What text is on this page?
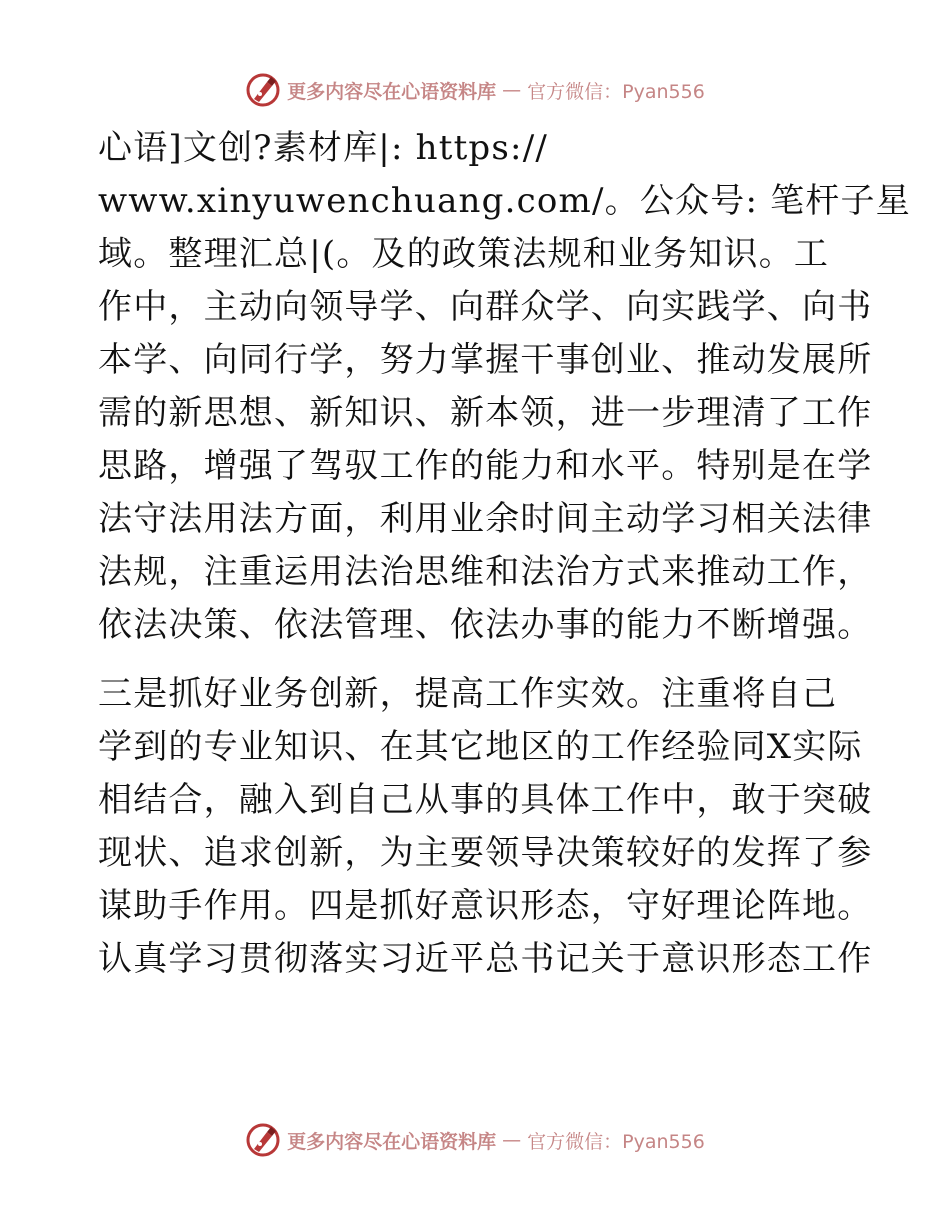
更多内容尽在心语资料库 — 官方微信：Pyan556
心语]文创?素材库|: https://
www.xinyuwenchuang.com/。公众号: 笔杆子星
域。整理汇总|(。及的政策法规和业务知识。工
作中，主动向领导学、向群众学、向实践学、向书
本学、向同行学，努力掌握干事创业、推动发展所
需的新思想、新知识、新本领，进一步理清了工作
思路，增强了驾驭工作的能力和水平。特别是在学
法守法用法方面，利用业余时间主动学习相关法律
法规，注重运用法治思维和法治方式来推动工作，
依法决策、依法管理、依法办事的能力不断增强。
三是抓好业务创新，提高工作实效。注重将自己
学到的专业知识、在其它地区的工作经验同X实际
相结合，融入到自己从事的具体工作中，敢于突破
现状、追求创新，为主要领导决策较好的发挥了参
谋助手作用。四是抓好意识形态，守好理论阵地。
认真学习贯彻落实习近平总书记关于意识形态工作
更多内容尽在心语资料库 — 官方微信：Pyan556
